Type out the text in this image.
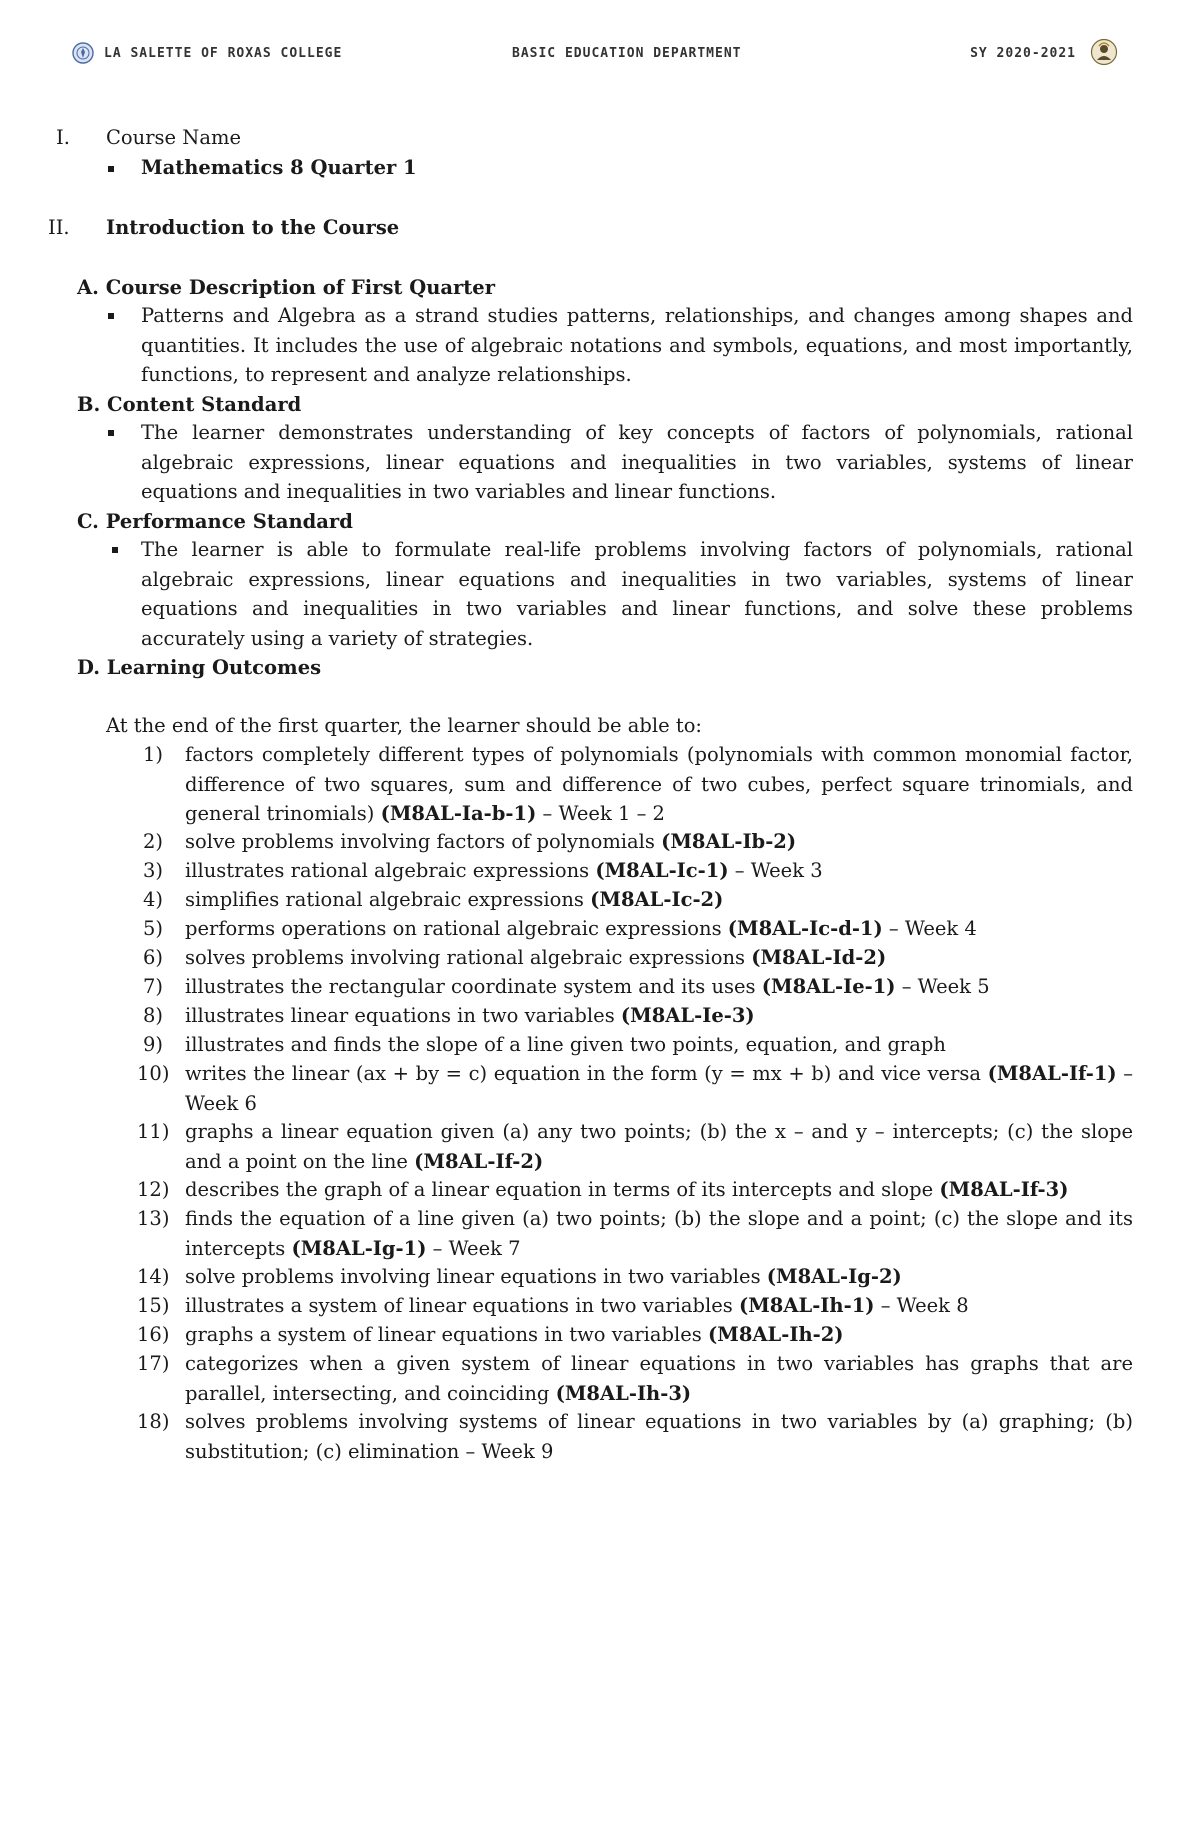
LA SALETTE OF ROXAS COLLEGE	BASIC EDUCATION DEPARTMENT	SY 2020-2021
I. Course Name
Mathematics 8 Quarter 1
II. Introduction to the Course
A. Course Description of First Quarter
Patterns and Algebra as a strand studies patterns, relationships, and changes among shapes and quantities. It includes the use of algebraic notations and symbols, equations, and most importantly, functions, to represent and analyze relationships.
B. Content Standard
The learner demonstrates understanding of key concepts of factors of polynomials, rational algebraic expressions, linear equations and inequalities in two variables, systems of linear equations and inequalities in two variables and linear functions.
C. Performance Standard
The learner is able to formulate real-life problems involving factors of polynomials, rational algebraic expressions, linear equations and inequalities in two variables, systems of linear equations and inequalities in two variables and linear functions, and solve these problems accurately using a variety of strategies.
D. Learning Outcomes
At the end of the first quarter, the learner should be able to:
1)	factors completely different types of polynomials (polynomials with common monomial factor, difference of two squares, sum and difference of two cubes, perfect square trinomials, and general trinomials) (M8AL-Ia-b-1) – Week 1 – 2
2)	solve problems involving factors of polynomials (M8AL-Ib-2)
3)	illustrates rational algebraic expressions (M8AL-Ic-1) – Week 3
4)	simplifies rational algebraic expressions (M8AL-Ic-2)
5)	performs operations on rational algebraic expressions (M8AL-Ic-d-1) – Week 4
6)	solves problems involving rational algebraic expressions (M8AL-Id-2)
7)	illustrates the rectangular coordinate system and its uses (M8AL-Ie-1) – Week 5
8)	illustrates linear equations in two variables (M8AL-Ie-3)
9)	illustrates and finds the slope of a line given two points, equation, and graph
10) writes the linear (ax + by = c) equation in the form (y = mx + b) and vice versa (M8AL-If-1) – Week 6
11) graphs a linear equation given (a) any two points; (b) the x – and y – intercepts; (c) the slope and a point on the line (M8AL-If-2)
12) describes the graph of a linear equation in terms of its intercepts and slope (M8AL-If-3)
13) finds the equation of a line given (a) two points; (b) the slope and a point; (c) the slope and its intercepts (M8AL-Ig-1) – Week 7
14) solve problems involving linear equations in two variables (M8AL-Ig-2)
15) illustrates a system of linear equations in two variables (M8AL-Ih-1) – Week 8
16) graphs a system of linear equations in two variables (M8AL-Ih-2)
17) categorizes when a given system of linear equations in two variables has graphs that are parallel, intersecting, and coinciding (M8AL-Ih-3)
18) solves problems involving systems of linear equations in two variables by (a) graphing; (b) substitution; (c) elimination – Week 9
